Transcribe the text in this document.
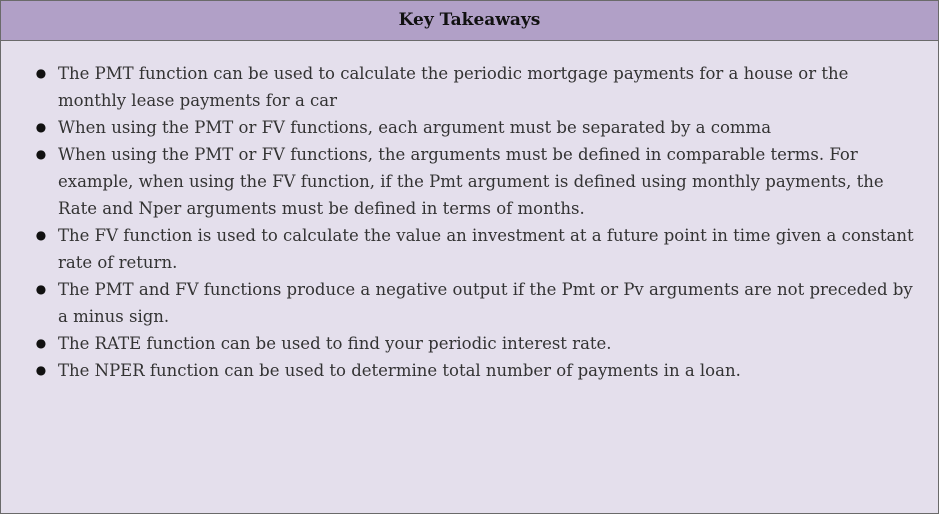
Key Takeaways
● The PMT function can be used to calculate the periodic mortgage payments for a house or the monthly lease payments for a car
● When using the PMT or FV functions, each argument must be separated by a comma
● When using the PMT or FV functions, the arguments must be defined in comparable terms. For example, when using the FV function, if the Pmt argument is defined using monthly payments, the Rate and Nper arguments must be defined in terms of months.
● The FV function is used to calculate the value an investment at a future point in time given a constant rate of return.
● The PMT and FV functions produce a negative output if the Pmt or Pv arguments are not preceded by a minus sign.
● The RATE function can be used to find your periodic interest rate.
● The NPER function can be used to determine total number of payments in a loan.
